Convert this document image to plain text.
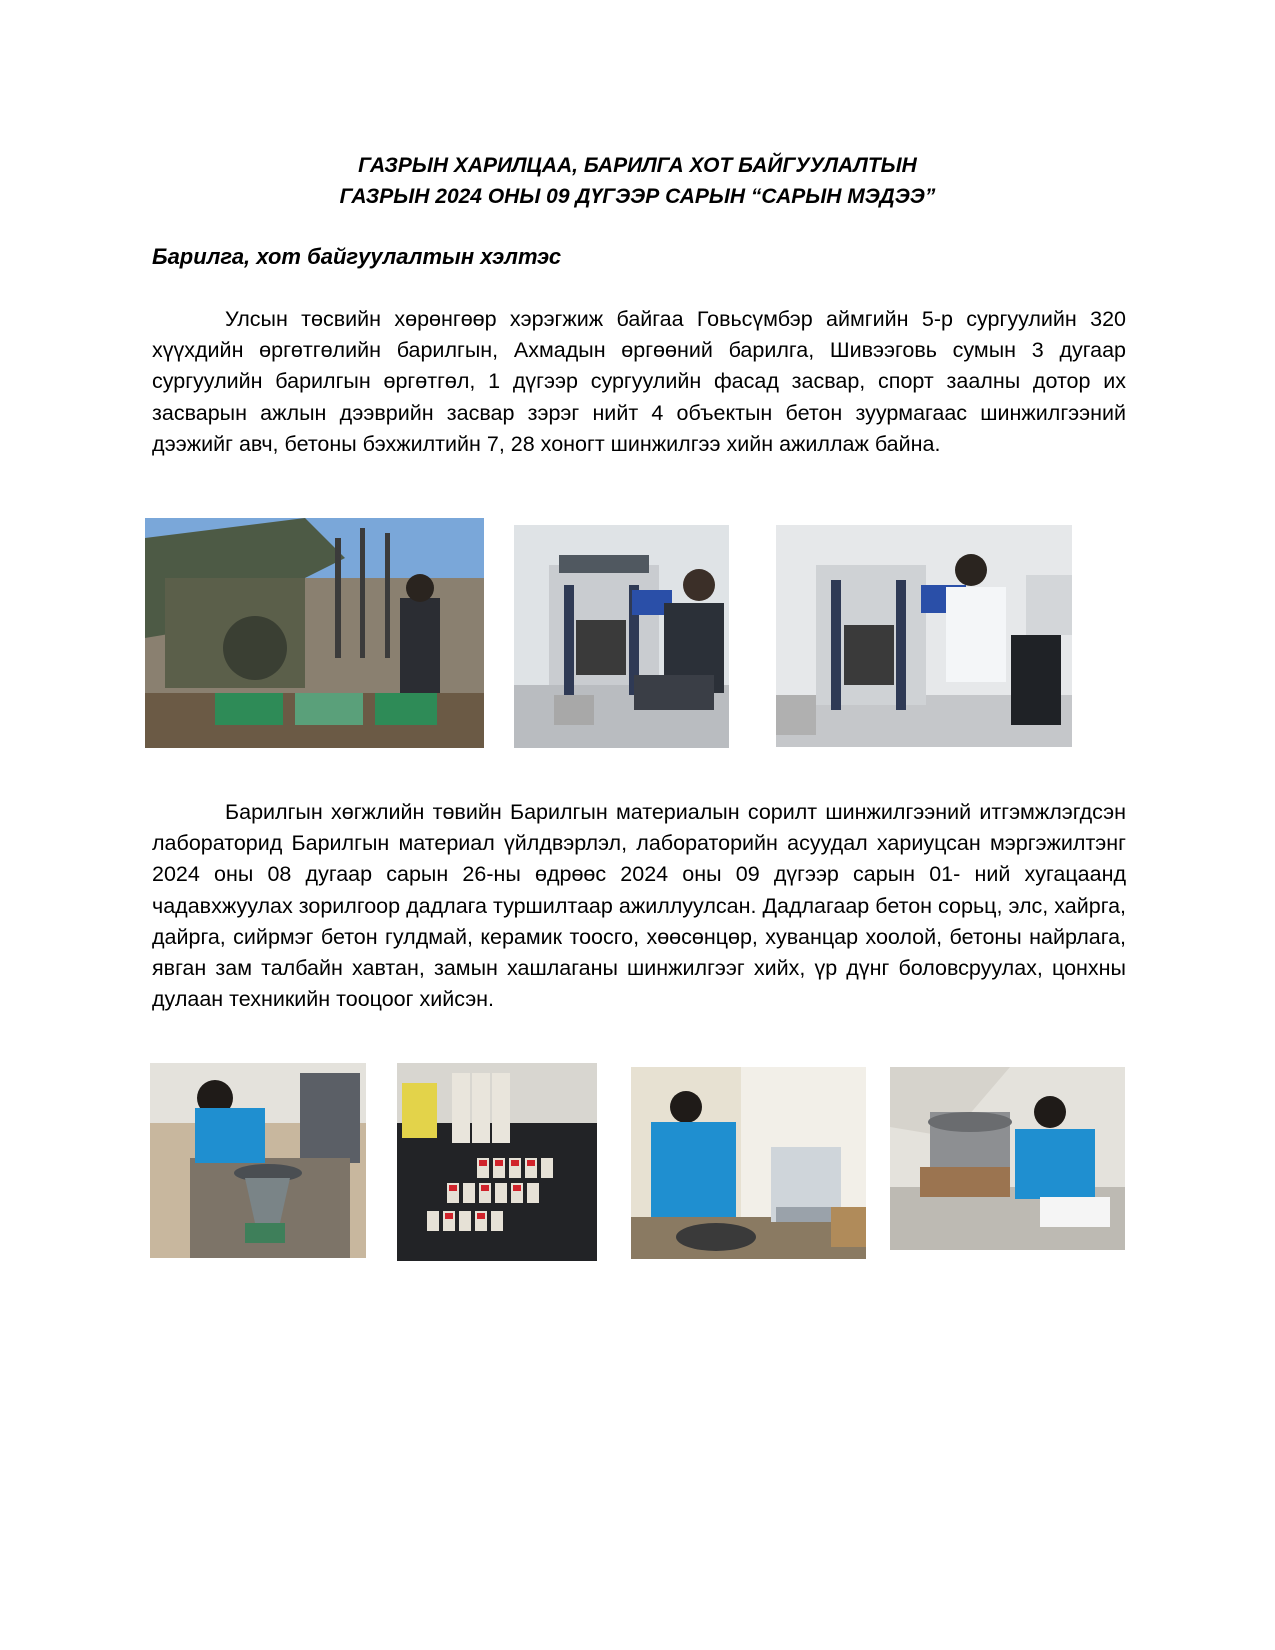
ГАЗРЫН ХАРИЛЦАА, БАРИЛГА ХОТ БАЙГУУЛАЛТЫН
ГАЗРЫН 2024 ОНЫ 09 ДҮГЭЭР САРЫН “САРЫН МЭДЭЭ”
Барилга, хот байгуулалтын хэлтэс

Улсын төсвийн хөрөнгөөр хэрэгжиж байгаа Говьсүмбэр аймгийн 5-р сургуулийн 320 хүүхдийн өргөтгөлийн барилгын, Ахмадын өргөөний барилга, Шивээговь сумын 3 дугаар сургуулийн барилгын өргөтгөл, 1 дүгээр сургуулийн фасад засвар, спорт заалны дотор их засварын ажлын дээврийн засвар зэрэг нийт 4 объектын бетон зуурмагаас шинжилгээний дээжийг авч, бетоны бэхжилтийн 7, 28 хоногт шинжилгээ хийн ажиллаж байна.

Барилгын хөгжлийн төвийн Барилгын материалын сорилт шинжилгээний итгэмжлэгдсэн лабораторид Барилгын материал үйлдвэрлэл, лабораторийн асуудал хариуцсан мэргэжилтэнг 2024 оны 08 дугаар сарын 26-ны өдрөөс 2024 оны 09 дүгээр сарын 01- ний хугацаанд чадавхжуулах зорилгоор дадлага туршилтаар ажиллуулсан. Дадлагаар бетон сорьц, элс, хайрга, дайрга, сийрмэг бетон гулдмай, керамик тоосго, хөөсөнцөр, хуванцар хоолой, бетоны найрлага, явган зам талбайн хавтан, замын хашлаганы шинжилгээг хийх, үр дүнг боловсруулах, цонхны дулаан техникийн тооцоог хийсэн.
